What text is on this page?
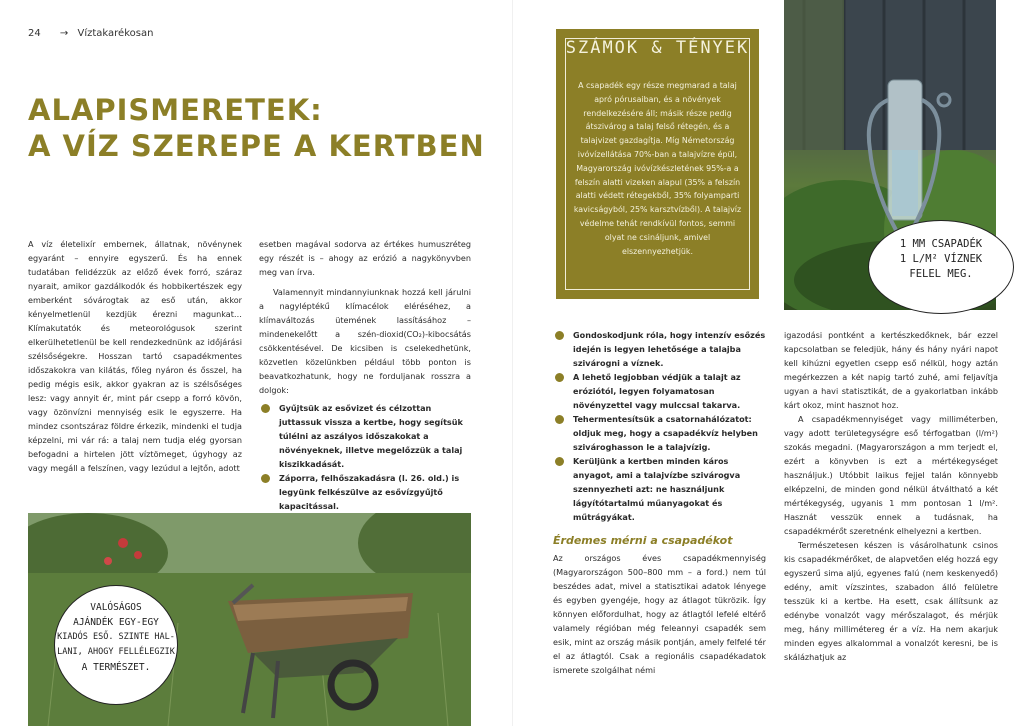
24 → Víztakarékosan
ALAPISMERETEK:
A VÍZ SZEREPE A KERTBEN

A víz életelixír embernek, állatnak, növénynek egyaránt – ennyire egyszerű. És ha ennek tudatában felidézzük az előző évek forró, száraz nyarait, amikor gazdálkodók és hobbikertészek egy emberként sóvárogtak az eső után, akkor kényelmetlenül kezdjük érezni magunkat… Klímakutatók és meteorológusok szerint elkerülhetetlenül be kell rendezkednünk az időjárási szélsőségekre. Hosszan tartó csapadékmentes időszakokra van kilátás, főleg nyáron és ősszel, ha pedig mégis esik, akkor gyakran az is szélsőséges lesz: vagy annyit ér, mint pár csepp a forró kövön, vagy özönvízni mennyiség esik le egyszerre. Ha mindez csontszáraz földre érkezik, mindenki el tudja képzelni, mi vár rá: a talaj nem tudja elég gyorsan befogadni a hirtelen jött víztömeget, úgyhogy az vagy megáll a felszínen, vagy lezúdul a lejtőn, adott

esetben magával sodorva az értékes humuszréteg egy részét is – ahogy az erózió a nagykönyvben meg van írva.

Valamennyit mindannyiunknak hozzá kell járulni a nagyléptékű klímacélok eléréséhez, a klímaváltozás ütemének lassításához – mindenekelőtt a szén-dioxid(CO₂)-kibocsátás csökkentésével. De kicsiben is cselekedhetünk, közvetlen közelünkben például több ponton is beavatkozhatunk, hogy ne forduljanak rosszra a dolgok:

Gyűjtsük az esővizet és célzottan juttassuk vissza a kertbe, hogy segítsük túlélni az aszályos időszakokat a növényeknek, illetve megelőzzük a talaj kiszikkadását.
Záporra, felhőszakadásra (l. 26. old.) is legyünk felkészülve az esővízgyűjtő kapacitással.
SZÁMOK & TÉNYEK
A csapadék egy része megmarad a talaj apró pórusaiban, és a növények rendelkezésére áll; másik része pedig átszivárog a talaj felső rétegén, és a talajvizet gazdagítja. Míg Németország ivóvízellátása 70%-ban a talajvízre épül, Magyarország ivóvízkészletének 95%-a a felszín alatti vizeken alapul (35% a felszín alatti védett rétegekből, 35% folyamparti kavicságyból, 25% karsztvízből). A talajvíz védelme tehát rendkívül fontos, semmi olyat ne csináljunk, amivel elszennyezhetjük.
1 MM CSAPADÉK
1 L/M² VÍZNEK
FELEL MEG.
VALÓSÁGOS
AJÁNDÉK EGY-EGY
KIADÓS ESŐ. SZINTE HAL-
LANI, AHOGY FELLÉLEGZIK
A TERMÉSZET.
Gondoskodjunk róla, hogy intenzív esőzés idején is legyen lehetősége a talajba szivárogni a víznek.
A lehető legjobban védjük a talajt az eróziótól, legyen folyamatosan növényzettel vagy mulccsal takarva.
Tehermentesítsük a csatornahálózatot: oldjuk meg, hogy a csapadékvíz helyben szivároghasson le a talajvízig.
Kerüljünk a kertben minden káros anyagot, ami a talajvízbe szivárogva szennyezheti azt: ne használjunk lágyítótartalmú műanyagokat és műtrágyákat.
Érdemes mérni a csapadékot

Az országos éves csapadékmennyiség (Magyarországon 500–800 mm – a ford.) nem túl beszédes adat, mivel a statisztikai adatok lényege és egyben gyengéje, hogy az átlagot tükrözik. Így könnyen előfordulhat, hogy az átlagtól lefelé eltérő valamely régióban még feleannyi csapadék sem esik, mint az ország másik pontján, amely felfelé tér el az átlagtól. Csak a regionális csapadékadatok ismerete szolgálhat némi

igazodási pontként a kertészkedőknek, bár ezzel kapcsolatban se feledjük, hány és hány nyári napot kell kihúzni egyetlen csepp eső nélkül, hogy aztán megérkezzen a két napig tartó zuhé, ami feljavítja ugyan a havi statisztikát, de a gyakorlatban inkább kárt okoz, mint hasznot hoz.

A csapadékmennyiséget vagy milliméterben, vagy adott területegységre eső térfogatban (l/m²) szokás megadni. (Magyarországon a mm terjedt el, ezért a könyvben is ezt a mértékegységet használjuk.) Utóbbit laikus fejjel talán könnyebb elképzelni, de minden gond nélkül átváltható a két mértékegység, ugyanis 1 mm pontosan 1 l/m². Hasznát vesszük ennek a tudásnak, ha csapadékmérőt szeretnénk elhelyezni a kertben.

Természetesen készen is vásárolhatunk csinos kis csapadékmérőket, de alapvetően elég hozzá egy egyszerű sima aljú, egyenes falú (nem keskenyedő) edény, amit vízszintes, szabadon álló felületre tesszük ki a kertbe. Ha esett, csak állítsunk az edénybe vonalzót vagy mérőszalagot, és mérjük meg, hány millimétereg ér a víz. Ha nem akarjuk minden egyes alkalommal a vonalzót keresni, be is skálázhatjuk az
